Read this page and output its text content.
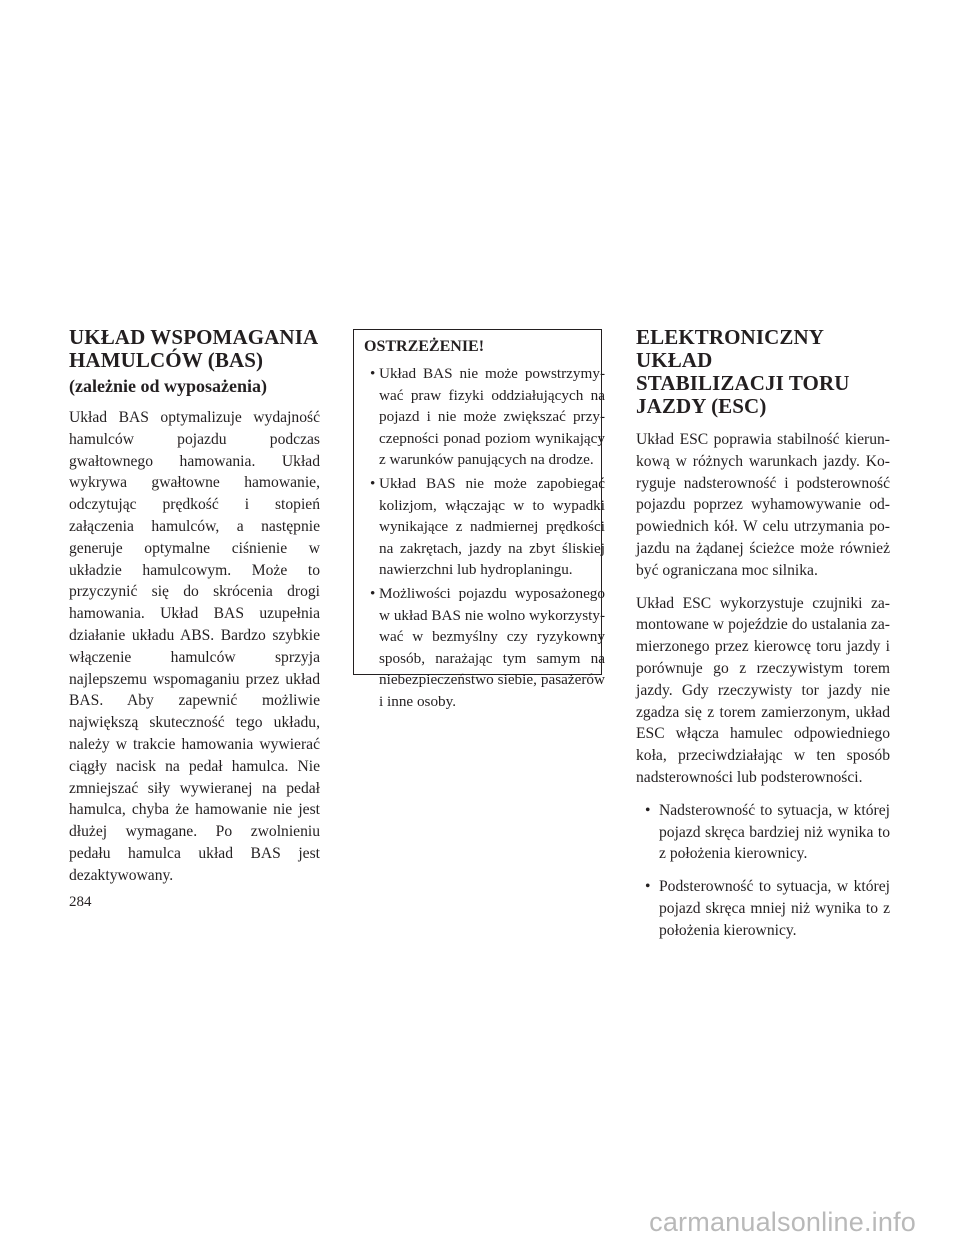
UKŁAD WSPOMAGANIA
HAMULCÓW (BAS)
(zależnie od wyposażenia)

Układ BAS optymalizuje wydajność hamulców pojazdu podczas gwałtownego hamowania. Układ wykrywa gwałtowne hamowanie, odczytując prędkość i stopień załączenia hamulców, a następnie generuje optymalne ciśnienie w układzie hamulcowym. Może to przyczynić się do skrócenia drogi hamowania. Układ BAS uzupełnia działanie układu ABS. Bardzo szybkie włączenie hamulców sprzyja najlepszemu wspomaganiu przez układ BAS. Aby zapewnić możliwie największą skuteczność tego układu, należy w trakcie hamowania wywierać ciągły nacisk na pedał hamulca. Nie zmniejszać siły wywieranej na pedał hamulca, chyba że hamowanie nie jest dłużej wymagane. Po zwolnieniu pedału hamulca układ BAS jest dezaktywowany.

OSTRZEŻENIE!
• Układ BAS nie może powstrzymywać praw fizyki oddziałujących na pojazd i nie może zwiększać przyczepności ponad poziom wynikający z warunków panujących na drodze.
• Układ BAS nie może zapobiegać kolizjom, włączając w to wypadki wynikające z nadmiernej prędkości na zakrętach, jazdy na zbyt śliskiej nawierzchni lub hydroplaningu.
• Możliwości pojazdu wyposażonego w układ BAS nie wolno wykorzystywać w bezmyślny czy ryzykowny sposób, narażając tym samym na niebezpieczeństwo siebie, pasażerów i inne osoby.
ELEKTRONICZNY UKŁAD
STABILIZACJI TORU
JAZDY (ESC)

Układ ESC poprawia stabilność kierunkową w różnych warunkach jazdy. Koryguje nadsterowność i podsterowność pojazdu poprzez wyhamowywanie odpowiednich kół. W celu utrzymania pojazdu na żądanej ścieżce może również być ograniczana moc silnika.

Układ ESC wykorzystuje czujniki zamontowane w pojeździe do ustalania zamierzonego przez kierowcę toru jazdy i porównuje go z rzeczywistym torem jazdy. Gdy rzeczywisty tor jazdy nie zgadza się z torem zamierzonym, układ ESC włącza hamulec odpowiedniego koła, przeciwdziałając w ten sposób nadsterowności lub podsterowności.

• Nadsterowność to sytuacja, w której pojazd skręca bardziej niż wynika to z położenia kierownicy.
• Podsterowność to sytuacja, w której pojazd skręca mniej niż wynika to z położenia kierownicy.
284
carmanualsonline.info
